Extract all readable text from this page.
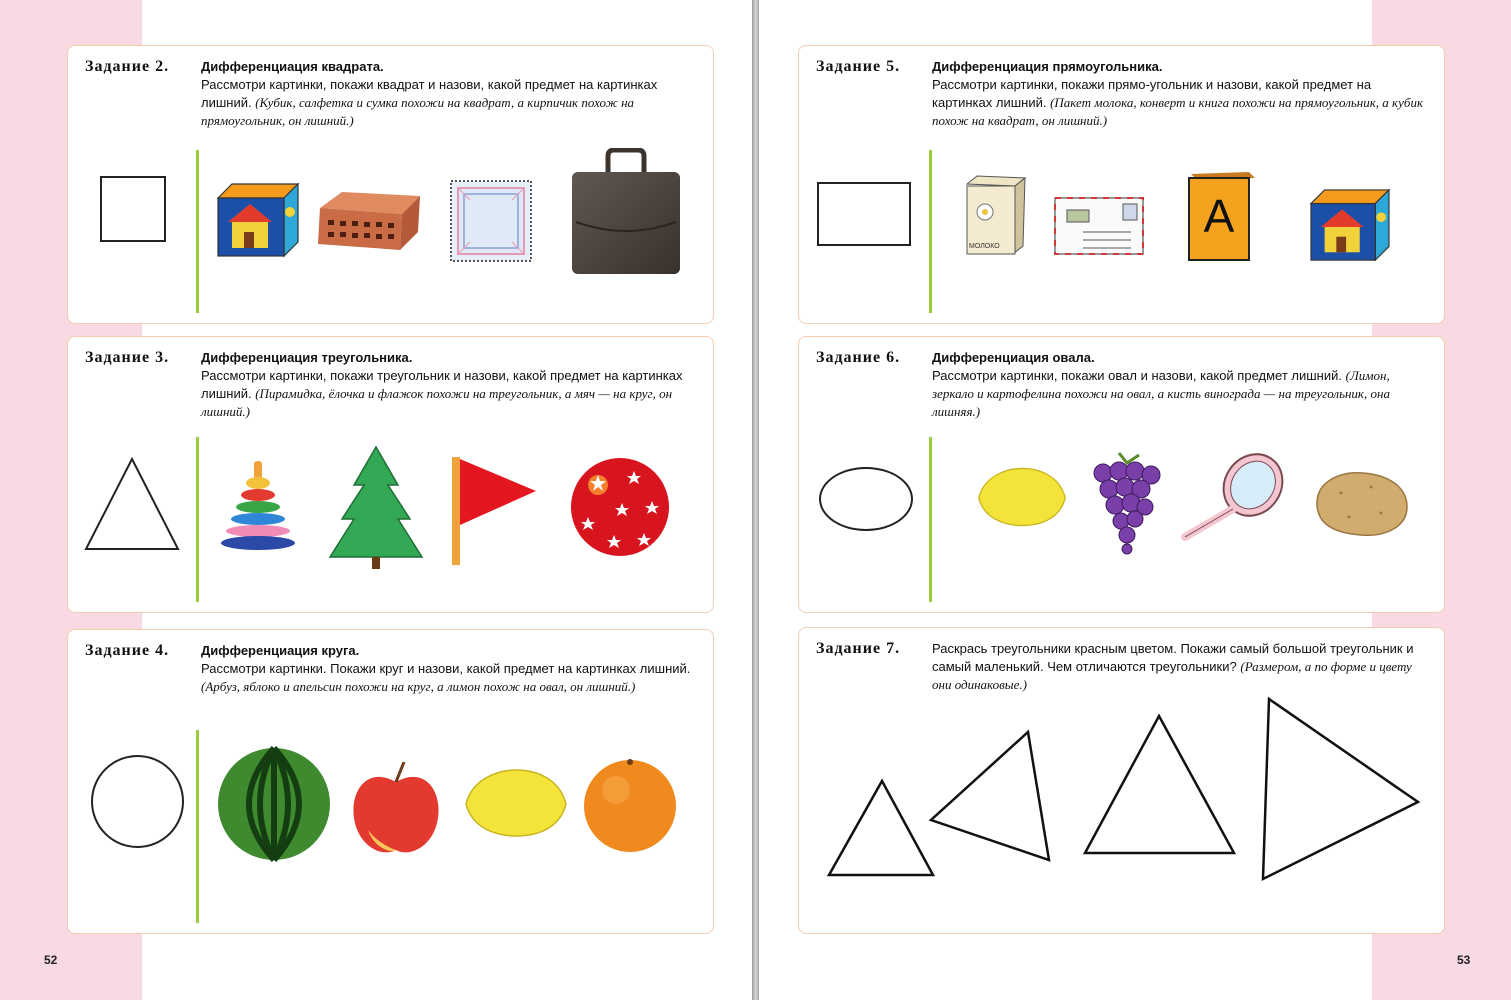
Задание 2. Дифференциация квадрата.
Рассмотри картинки, покажи квадрат и назови, какой предмет на картинках лишний. (Кубик, салфетка и сумка похожи на квадрат, а кирпичик похож на прямоугольник, он лишний.)
Задание 3. Дифференциация треугольника.
Рассмотри картинки, покажи треугольник и назови, какой предмет на картинках лишний. (Пирамидка, ёлочка и флажок похожи на треугольник, а мяч — на круг, он лишний.)
Задание 4. Дифференциация круга.
Рассмотри картинки. Покажи круг и назови, какой предмет на картинках лишний. (Арбуз, яблоко и апельсин похожи на круг, а лимон похож на овал, он лишний.)
Задание 5. Дифференциация прямоугольника.
Рассмотри картинки, покажи прямо-угольник и назови, какой предмет на картинках лишний. (Пакет молока, конверт и книга похожи на прямоугольник, а кубик похож на квадрат, он лишний.)
МОЛОКО
А
Задание 6. Дифференциация овала.
Рассмотри картинки, покажи овал и назови, какой предмет лишний. (Лимон, зеркало и картофелина похожи на овал, а кисть винограда — на треугольник, она лишняя.)
Задание 7. Раскрась треугольники красным цветом. Покажи самый большой треугольник и самый маленький. Чем отличаются треугольники? (Размером, а по форме и цвету они одинаковые.)
52	53
